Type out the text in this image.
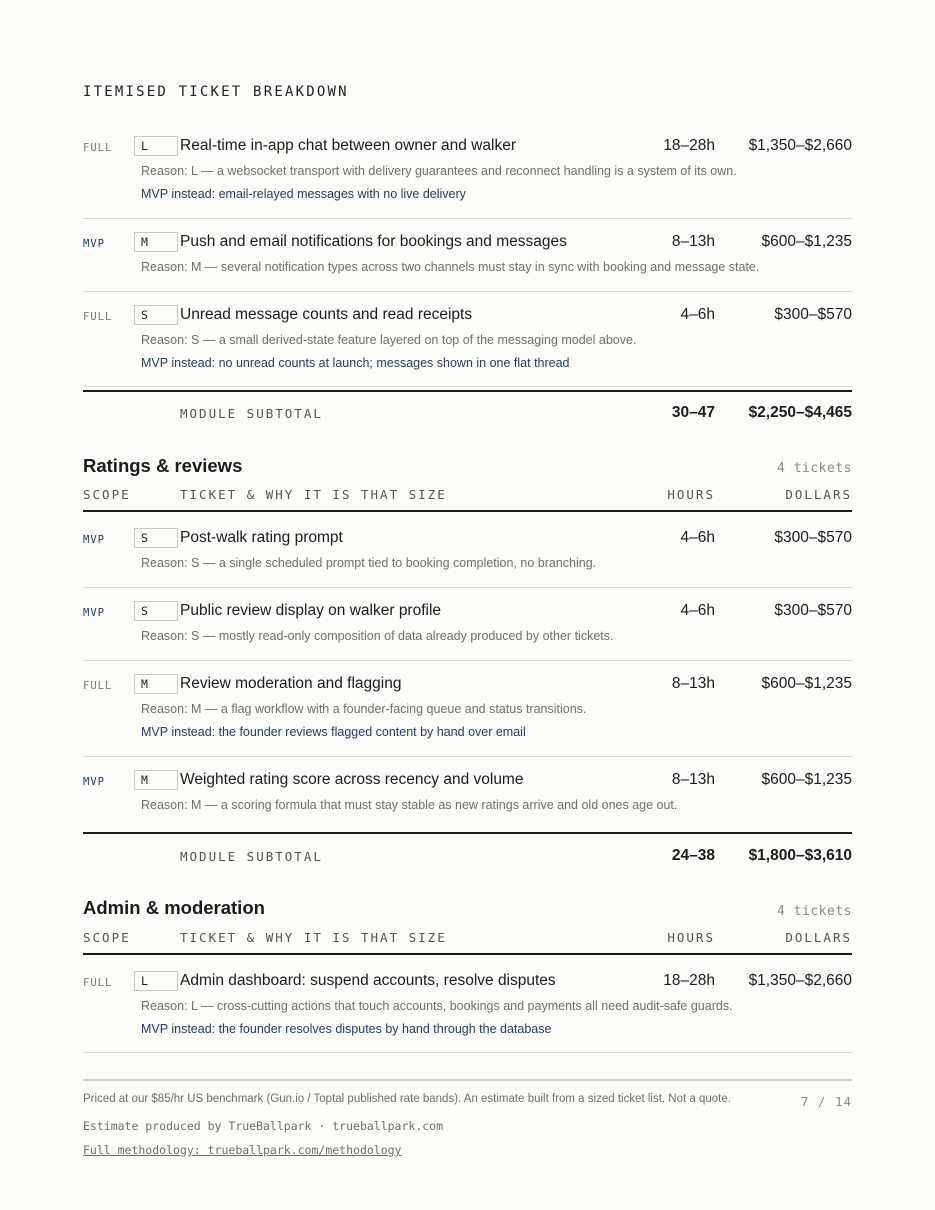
ITEMISED TICKET BREAKDOWN
FULL	L	Real-time in-app chat between owner and walker	18–28h $1,350–$2,660
Reason: L — a websocket transport with delivery guarantees and reconnect handling is a system of its own.
MVP instead: email-relayed messages with no live delivery
MVP	M	Push and email notifications for bookings and messages	8–13h	$600–$1,235
Reason: M — several notification types across two channels must stay in sync with booking and message state.
FULL	S	Unread message counts and read receipts	4–6h	$300–$570
Reason: S — a small derived-state feature layered on top of the messaging model above.
MVP instead: no unread counts at launch; messages shown in one flat thread
MODULE SUBTOTAL	30–47 $2,250–$4,465
Ratings & reviews	4 tickets
SCOPE	TICKET & WHY IT IS THAT SIZE	HOURS	DOLLARS
MVP	S	Post-walk rating prompt	4–6h	$300–$570
Reason: S — a single scheduled prompt tied to booking completion, no branching.
MVP	S	Public review display on walker profile	4–6h	$300–$570
Reason: S — mostly read-only composition of data already produced by other tickets.
FULL	M	Review moderation and flagging	8–13h	$600–$1,235
Reason: M — a flag workflow with a founder-facing queue and status transitions.
MVP instead: the founder reviews flagged content by hand over email
MVP	M	Weighted rating score across recency and volume	8–13h	$600–$1,235
Reason: M — a scoring formula that must stay stable as new ratings arrive and old ones age out.
MODULE SUBTOTAL	24–38 $1,800–$3,610
Admin & moderation	4 tickets
SCOPE	TICKET & WHY IT IS THAT SIZE	HOURS	DOLLARS
FULL	L	Admin dashboard: suspend accounts, resolve disputes	18–28h $1,350–$2,660
Reason: L — cross-cutting actions that touch accounts, bookings and payments all need audit-safe guards.
MVP instead: the founder resolves disputes by hand through the database
Priced at our $85/hr US benchmark (Gun.io / Toptal published rate bands). An estimate built from a sized ticket list. Not a quote.	7 / 14
Estimate produced by TrueBallpark · trueballpark.com
Full methodology: trueballpark.com/methodology
